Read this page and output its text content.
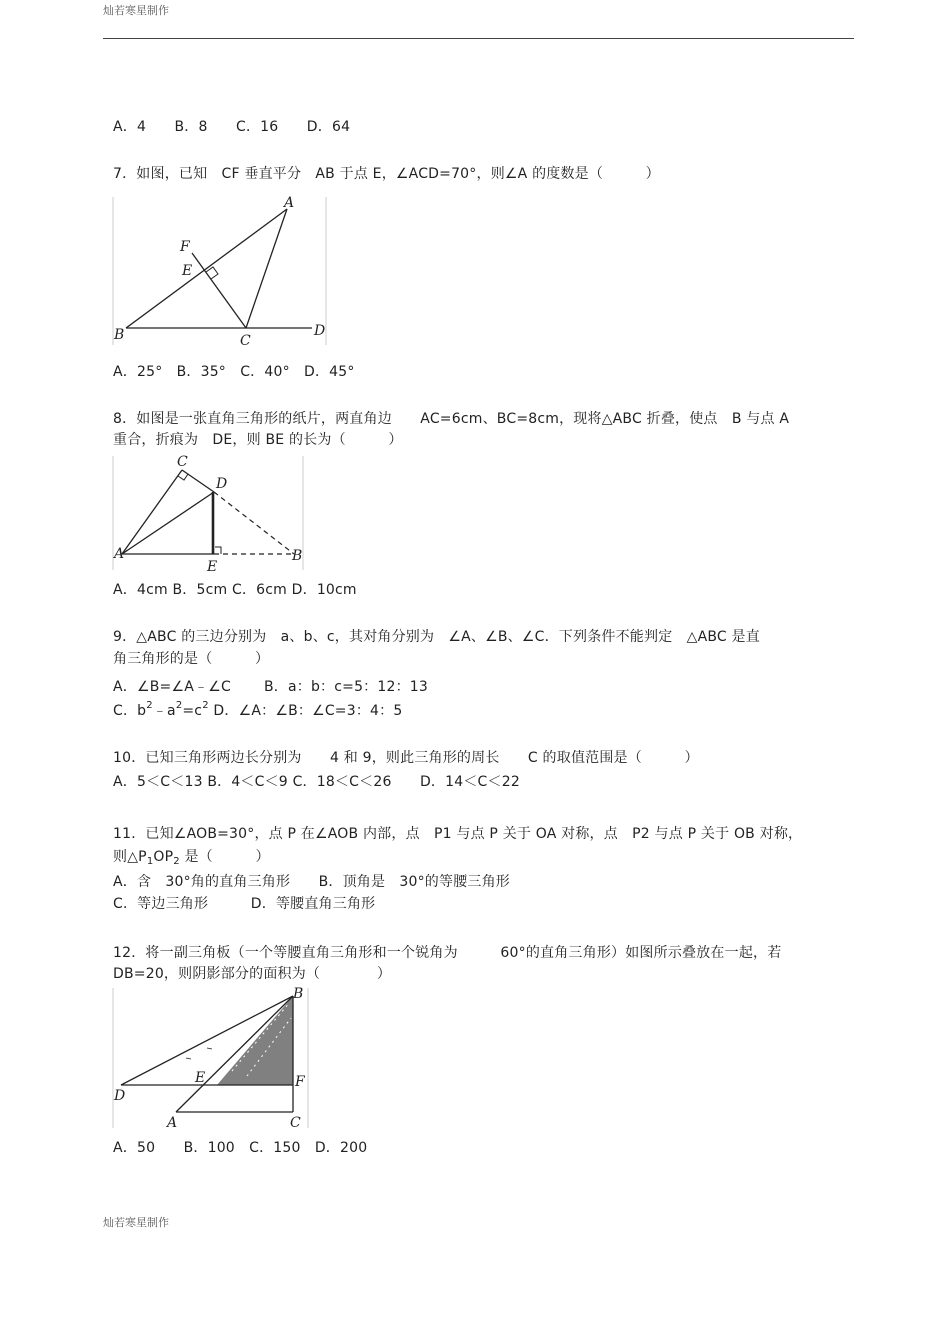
灿若寒星制作
A．4　　B．8　　C．16　　D．64
7．如图，已知　CF 垂直平分　AB 于点 E，∠ACD=70°，则∠A 的度数是（　　　）
A
B	C
D
E
F
A．25°　B．35°　C．40°　D．45°
8．如图是一张直角三角形的纸片，两直角边　　AC=6cm、BC=8cm，现将△ABC 折叠，使点　B 与点 A
重合，折痕为　DE，则 BE 的长为（　　　）
C
D
A
E
B
A．4cm B．5cm C．6cm D．10cm
9．△ABC 的三边分别为　a、b、c，其对角分别为　∠A、∠B、∠C．下列条件不能判定　△ABC 是直
角三角形的是（　　　）
A．∠B=∠A﹣∠C　　 B．a：b：c=5：12：13
C．$b^2﹣a^2=c^2$ D．∠A：∠B：∠C=3：4：5
10．已知三角形两边长分别为　　4 和 9，则此三角形的周长　　C 的取值范围是（　　　）
A．5＜C＜13 B．4＜C＜9 C．18＜C＜26　　D．14＜C＜22
11．已知∠AOB=30°，点 P 在∠AOB 内部，点　P1 与点 P 关于 OA 对称，点　P2 与点 P 关于 OB 对称，
则$\triangle P_1OP_2$ 是（　　　）
A．含　30°角的直角三角形　　B．顶角是　30°的等腰三角形
C．等边三角形　　　D．等腰直角三角形
12．将一副三角板（一个等腰直角三角形和一个锐角为　　　60°的直角三角形）如图所示叠放在一起，若
DB=20，则阴影部分的面积为（　　　　）
B
D
E	F
A	C
A．50　　B．100　C．150　D．200
灿若寒星制作
